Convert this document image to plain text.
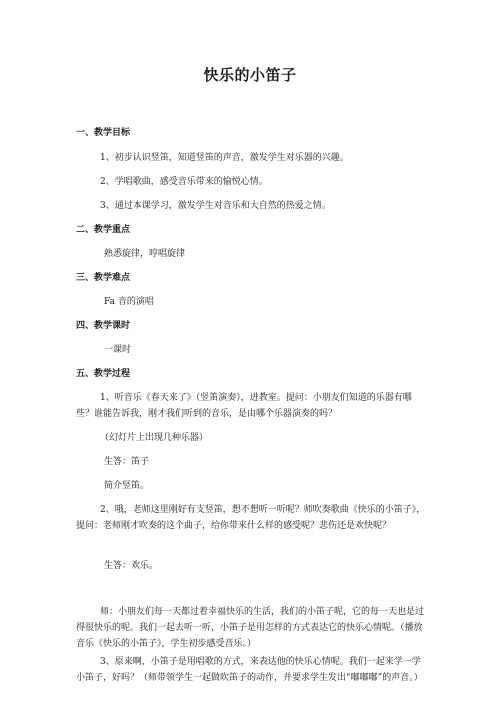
快乐的小笛子

一、教学目标

1、初步认识竖笛，知道竖笛的声音，激发学生对乐器的兴趣。

2、学唱歌曲，感受音乐带来的愉悦心情。

3、通过本课学习，激发学生对音乐和大自然的热爱之情。

二、教学重点

熟悉旋律，哼唱旋律

三、教学难点

Fa 音的演唱

四、教学课时

一课时

五、教学过程

1、听音乐《春天来了》（竖笛演奏），进教室。提问：小朋友们知道的乐器有哪些？谁能告诉我，刚才我们听到的音乐，是由哪个乐器演奏的吗？

（幻灯片上出现几种乐器）

生答：笛子

简介竖笛。

2、哦，老师这里刚好有支竖笛，想不想听一听呢？师吹奏歌曲《快乐的小笛子》，提问：老师刚才吹奏的这个曲子，给你带来什么样的感受呢？悲伤还是欢快呢？

生答：欢乐。

师：小朋友们每一天都过着幸福快乐的生活，我们的小笛子呢，它的每一天也是过得很快乐的呢。我们一起去听一听，小笛子是用怎样的方式表达它的快乐心情呢。（播放音乐《快乐的小笛子》，学生初步感受音乐。）

3、原来啊，小笛子是用唱歌的方式，来表达他的快乐心情呢。我们一起来学一学小笛子，好吗？（师带领学生一起做吹笛子的动作，并要求学生发出“嘟嘟嘟”的声音。）
